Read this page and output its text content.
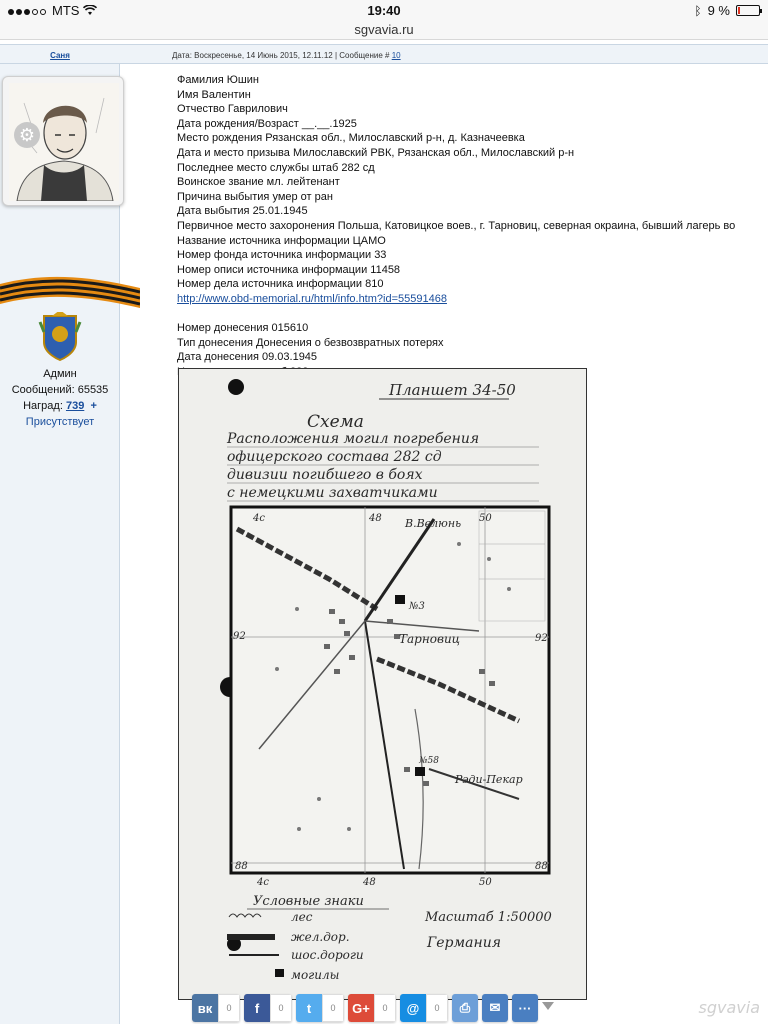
MTS	19:40	ᛒ 9 %
sgvavia.ru
Саня	Дата: Воскресенье, 14 Июнь 2015, 12.11.12 | Сообщение # 10
⚙
Админ
Сообщений: 65535
Наград: 739 +
Присутствует
Фамилия Юшин
Имя Валентин
Отчество Гаврилович
Дата рождения/Возраст __.__.1925
Место рождения Рязанская обл., Милославский р-н, д. Казначеевка
Дата и место призыва Милославский РВК, Рязанская обл., Милославский р-н
Последнее место службы штаб 282 сд
Воинское звание мл. лейтенант
Причина выбытия умер от ран
Дата выбытия 25.01.1945
Первичное место захоронения Польша, Катовицкое воев., г. Тарновиц, северная окраина, бывший лагерь во
Название источника информации ЦАМО
Номер фонда источника информации 33
Номер описи источника информации 11458
Номер дела источника информации 810
http://www.obd-memorial.ru/html/info.htm?id=55591468
Номер донесения 015610
Тип донесения Донесения о безвозвратных потерях
Дата донесения 09.03.1945
Планшет 34-50
Схема
Расположения могил погребения
офицерского состава 282 сд
дивизии погибшего в боях
с немецкими захватчиками
4с	48	50
92	92
88	88
4с	48	50
№3
№58
В.Велюнь
Тарновиц
Рэди-Пекар
Условные знаки
Масштаб 1:50000
лес
жел.дор.
шос.дороги
Германия
могилы
вк	0	f	0	t	0	G+	0	@	0	⎙	✉	···	sgvavia
